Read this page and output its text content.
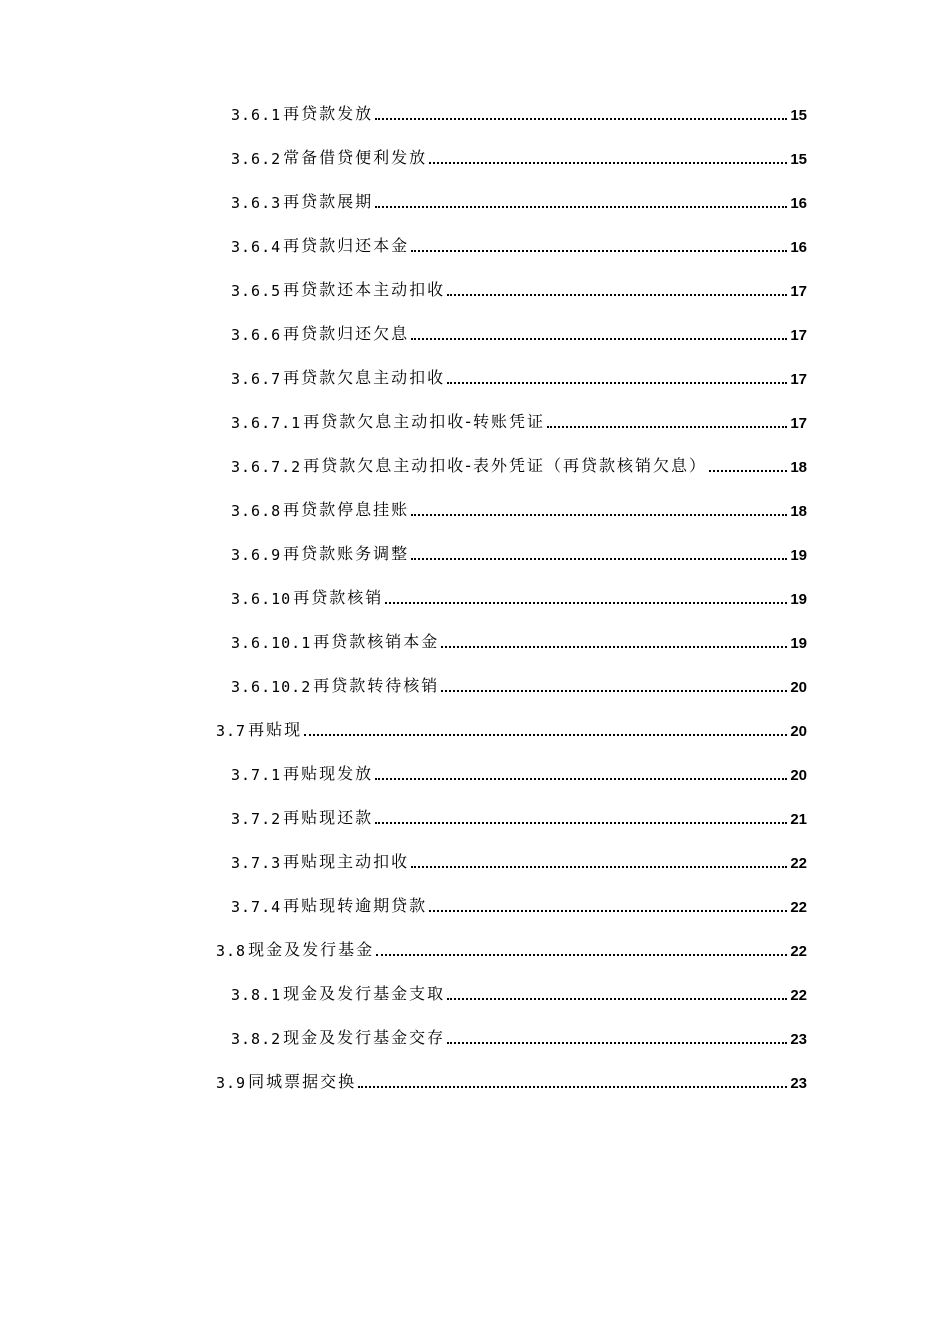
3.6.1 再贷款发放	15
3.6.2 常备借贷便利发放	15
3.6.3 再贷款展期	16
3.6.4 再贷款归还本金	16
3.6.5 再贷款还本主动扣收	17
3.6.6 再贷款归还欠息	17
3.6.7 再贷款欠息主动扣收	17
3.6.7.1 再贷款欠息主动扣收-转账凭证	17
3.6.7.2 再贷款欠息主动扣收-表外凭证（再贷款核销欠息）	18
3.6.8 再贷款停息挂账	18
3.6.9 再贷款账务调整	19
3.6.10 再贷款核销	19
3.6.10.1 再贷款核销本金	19
3.6.10.2 再贷款转待核销	20
3.7 再贴现	20
3.7.1 再贴现发放	20
3.7.2 再贴现还款	21
3.7.3 再贴现主动扣收	22
3.7.4 再贴现转逾期贷款	22
3.8 现金及发行基金	22
3.8.1 现金及发行基金支取	22
3.8.2 现金及发行基金交存	23
3.9 同城票据交换	23
